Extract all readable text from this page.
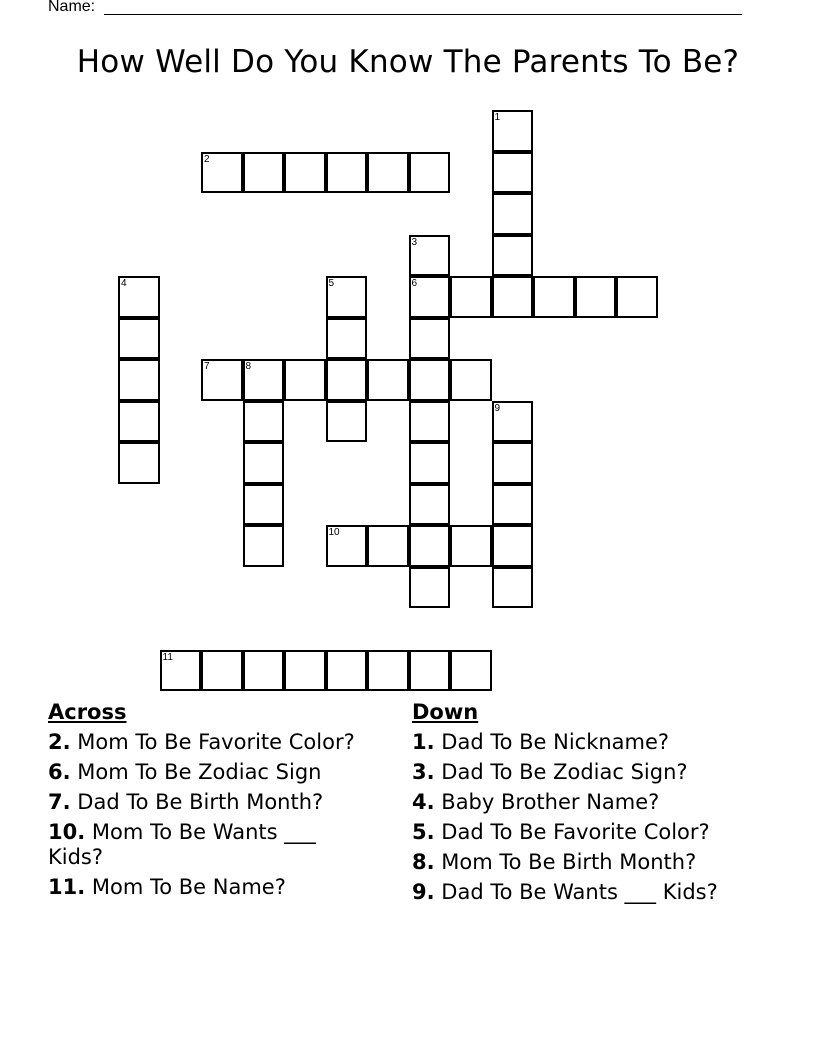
Name:
How Well Do You Know The Parents To Be?
1
2
3
4	5	6
7	8
9
10
11
Across
2. Mom To Be Favorite Color?
6. Mom To Be Zodiac Sign
7. Dad To Be Birth Month?
10. Mom To Be Wants ___ Kids?
11. Mom To Be Name?
Down
1. Dad To Be Nickname?
3. Dad To Be Zodiac Sign?
4. Baby Brother Name?
5. Dad To Be Favorite Color?
8. Mom To Be Birth Month?
9. Dad To Be Wants ___ Kids?
